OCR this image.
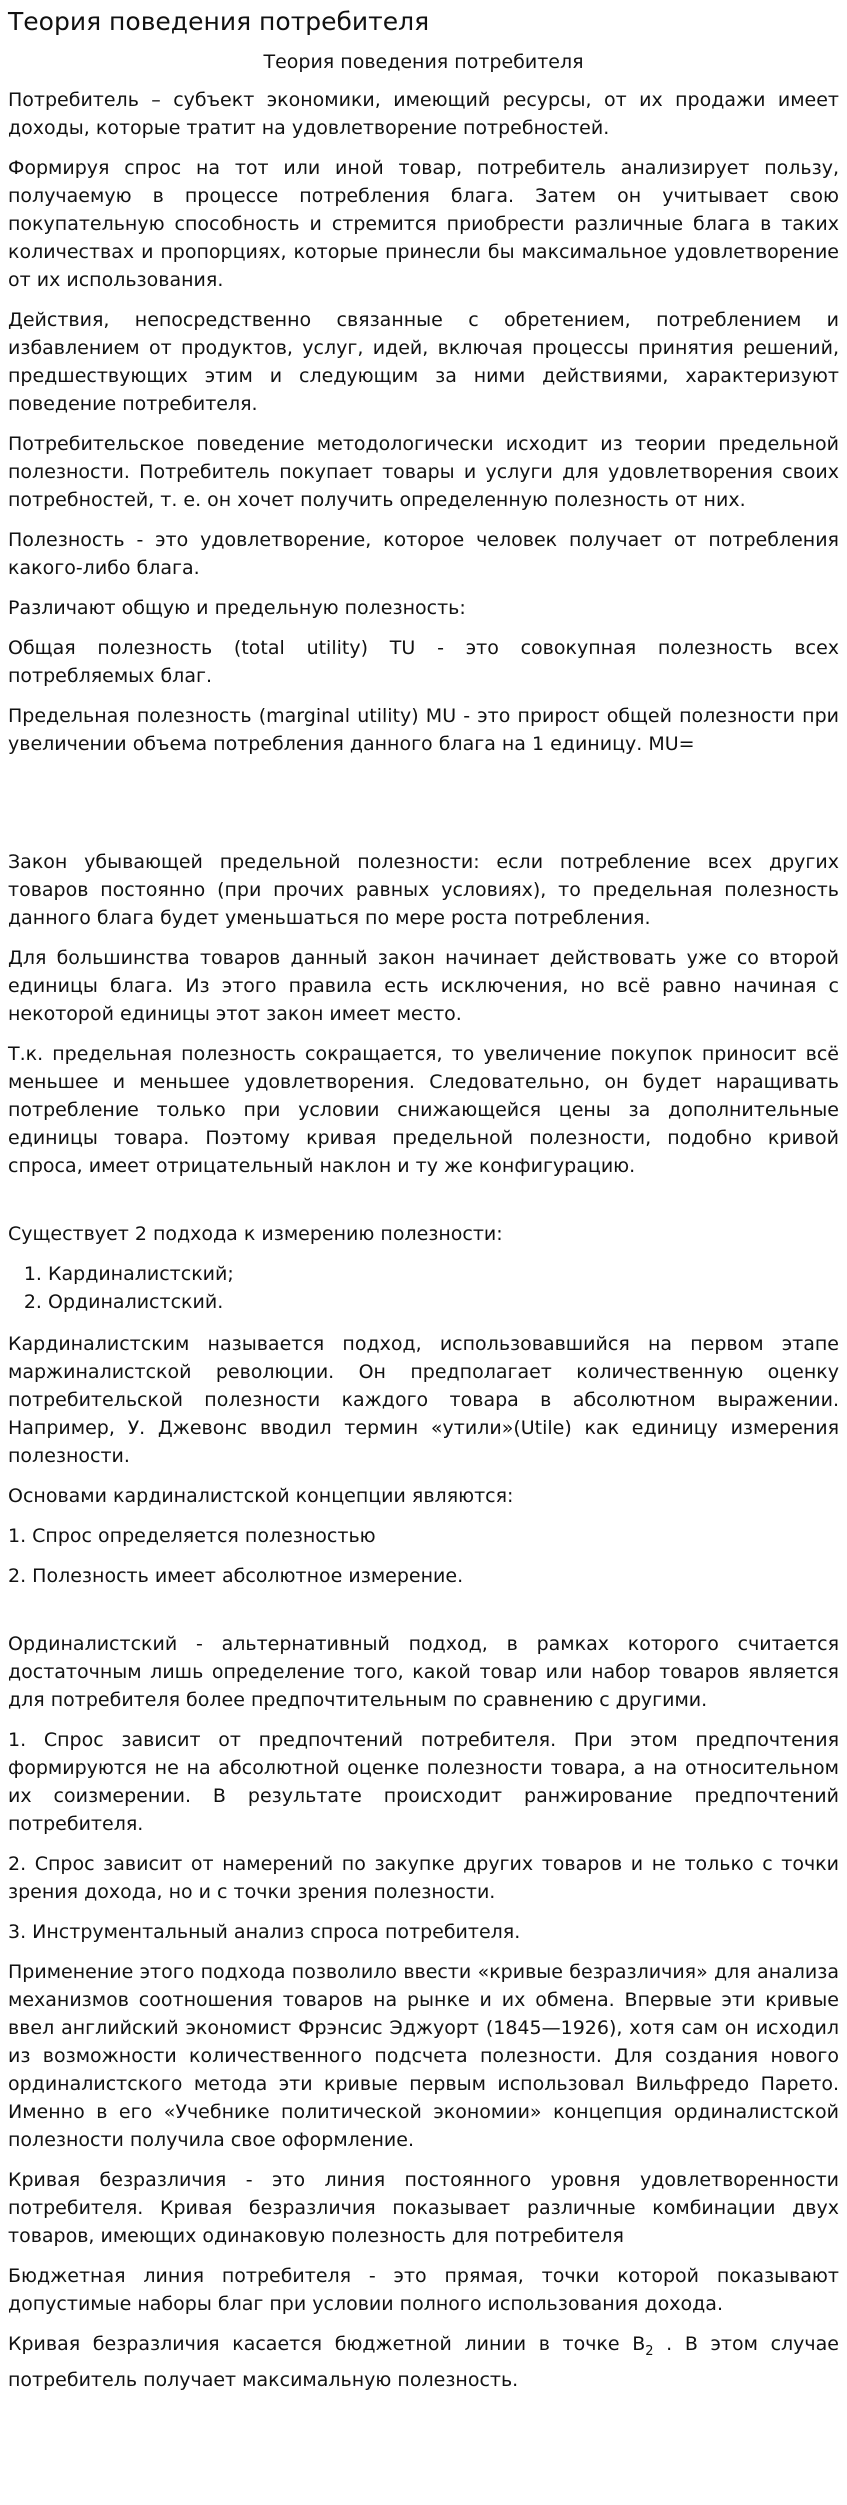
Теория поведения потребителя
Теория поведения потребителя

Потребитель – субъект экономики, имеющий ресурсы, от их продажи имеет доходы, которые тратит на удовлетворение потребностей.

Формируя спрос на тот или иной товар, потребитель анализирует пользу, получаемую в процессе потребления блага. Затем он учитывает свою покупательную способность и стремится приобрести различные блага в таких количествах и пропорциях, которые принесли бы максимальное удовлетворение от их использования.

Действия, непосредственно связанные с обретением, потреблением и избавлением от продуктов, услуг, идей, включая процессы принятия решений, предшествующих этим и следующим за ними действиями, характеризуют поведение потребителя.

Потребительское поведение методологически исходит из теории предельной полезности. Потребитель покупает товары и услуги для удовлетворения своих потребностей, т. е. он хочет получить определенную полезность от них.

Полезность - это удовлетворение, которое человек получает от потребления какого-либо блага.

Различают общую и предельную полезность:

Общая полезность (total utility) TU - это совокупная полезность всех потребляемых благ.

Предельная полезность (marginal utility) MU - это прирост общей полезности при увеличении объема потребления данного блага на 1 единицу. MU=

Закон убывающей предельной полезности: если потребление всех других товаров постоянно (при прочих равных условиях), то предельная полезность данного блага будет уменьшаться по мере роста потребления.

Для большинства товаров данный закон начинает действовать уже со второй единицы блага. Из этого правила есть исключения, но всё равно начиная с некоторой единицы этот закон имеет место.

Т.к. предельная полезность сокращается, то увеличение покупок приносит всё меньшее и меньшее удовлетворения. Следовательно, он будет наращивать потребление только при условии снижающейся цены за дополнительные единицы товара. Поэтому кривая предельной полезности, подобно кривой спроса, имеет отрицательный наклон и ту же конфигурацию.

Существует 2 подхода к измерению полезности:

1. Кардиналистский;
2. Ординалистский.

Кардиналистским называется подход, использовавшийся на первом этапе маржиналистской революции. Он предполагает количественную оценку потребительской полезности каждого товара в абсолютном выражении. Например, У. Джевонс вводил термин «утили»(Utile) как единицу измерения полезности.

Основами кардиналистской концепции являются:

1. Спрос определяется полезностью

2. Полезность имеет абсолютное измерение.

Ординалистский - альтернативный подход, в рамках которого считается достаточным лишь определение того, какой товар или набор товаров является для потребителя более предпочтительным по сравнению с другими.

1. Спрос зависит от предпочтений потребителя. При этом предпочтения формируются не на абсолютной оценке полезности товара, а на относительном их соизмерении. В результате происходит ранжирование предпочтений потребителя.

2. Спрос зависит от намерений по закупке других товаров и не только с точки зрения дохода, но и с точки зрения полезности.

3. Инструментальный анализ спроса потребителя.

Применение этого подхода позволило ввести «кривые безразличия» для анализа механизмов соотношения товаров на рынке и их обмена. Впервые эти кривые ввел английский экономист Фрэнсис Эджуорт (1845—1926), хотя сам он исходил из возможности количественного подсчета полезности. Для создания нового ординалистского метода эти кривые первым использовал Вильфредо Парето. Именно в его «Учебнике политической экономии» концепция ординалистской полезности получила свое оформление.

Кривая безразличия - это линия постоянного уровня удовлетворенности потребителя. Кривая безразличия показывает различные комбинации двух товаров, имеющих одинаковую полезность для потребителя

Бюджетная линия потребителя - это прямая, точки которой показывают допустимые наборы благ при условии полного использования дохода.

Кривая безразличия касается бюджетной линии в точке $В_2$ . В этом случае потребитель получает максимальную полезность.
